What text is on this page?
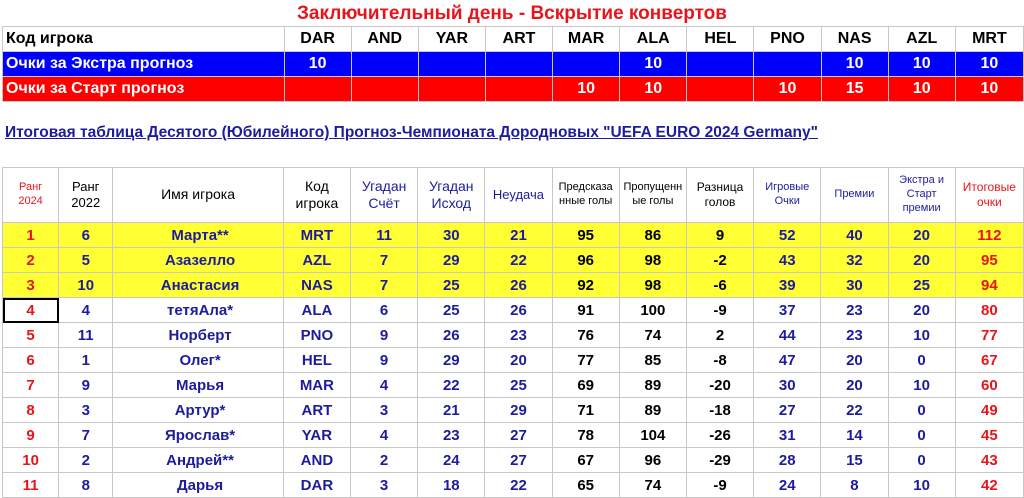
Заключительный день - Вскрытие конвертов
Код игрока	DAR	AND	YAR	ART	MAR	ALA	HEL	PNO	NAS	AZL	MRT
Очки за Экстра прогноз	10					10			10	10	10
Очки за Старт прогноз					10	10		10	15	10	10
Итоговая таблица Десятого (Юбилейного) Прогноз-Чемпионата Дородновых "UEFA EURO 2024 Germany"
Ранг
2024	Ранг
2022	Имя игрока	Код
игрока	Угадан
Счёт	Угадан
Исход	Неудача	Предсказа
нные голы	Пропущенн
ые голы	Разница
голов	Игровые
Очки	Премии	Экстра и
Старт
премии	Итоговые
очки
1	6	Марта**	MRT	11	30	21	95	86	9	52	40	20	112
2	5	Азазелло	AZL	7	29	22	96	98	-2	43	32	20	95
3	10	Анастасия	NAS	7	25	26	92	98	-6	39	30	25	94
4	4	тетяАла*	ALA	6	25	26	91	100	-9	37	23	20	80
5	11	Норберт	PNO	9	26	23	76	74	2	44	23	10	77
6	1	Олег*	HEL	9	29	20	77	85	-8	47	20	0	67
7	9	Марья	MAR	4	22	25	69	89	-20	30	20	10	60
8	3	Артур*	ART	3	21	29	71	89	-18	27	22	0	49
9	7	Ярослав*	YAR	4	23	27	78	104	-26	31	14	0	45
10	2	Андрей**	AND	2	24	27	67	96	-29	28	15	0	43
11	8	Дарья	DAR	3	18	22	65	74	-9	24	8	10	42
